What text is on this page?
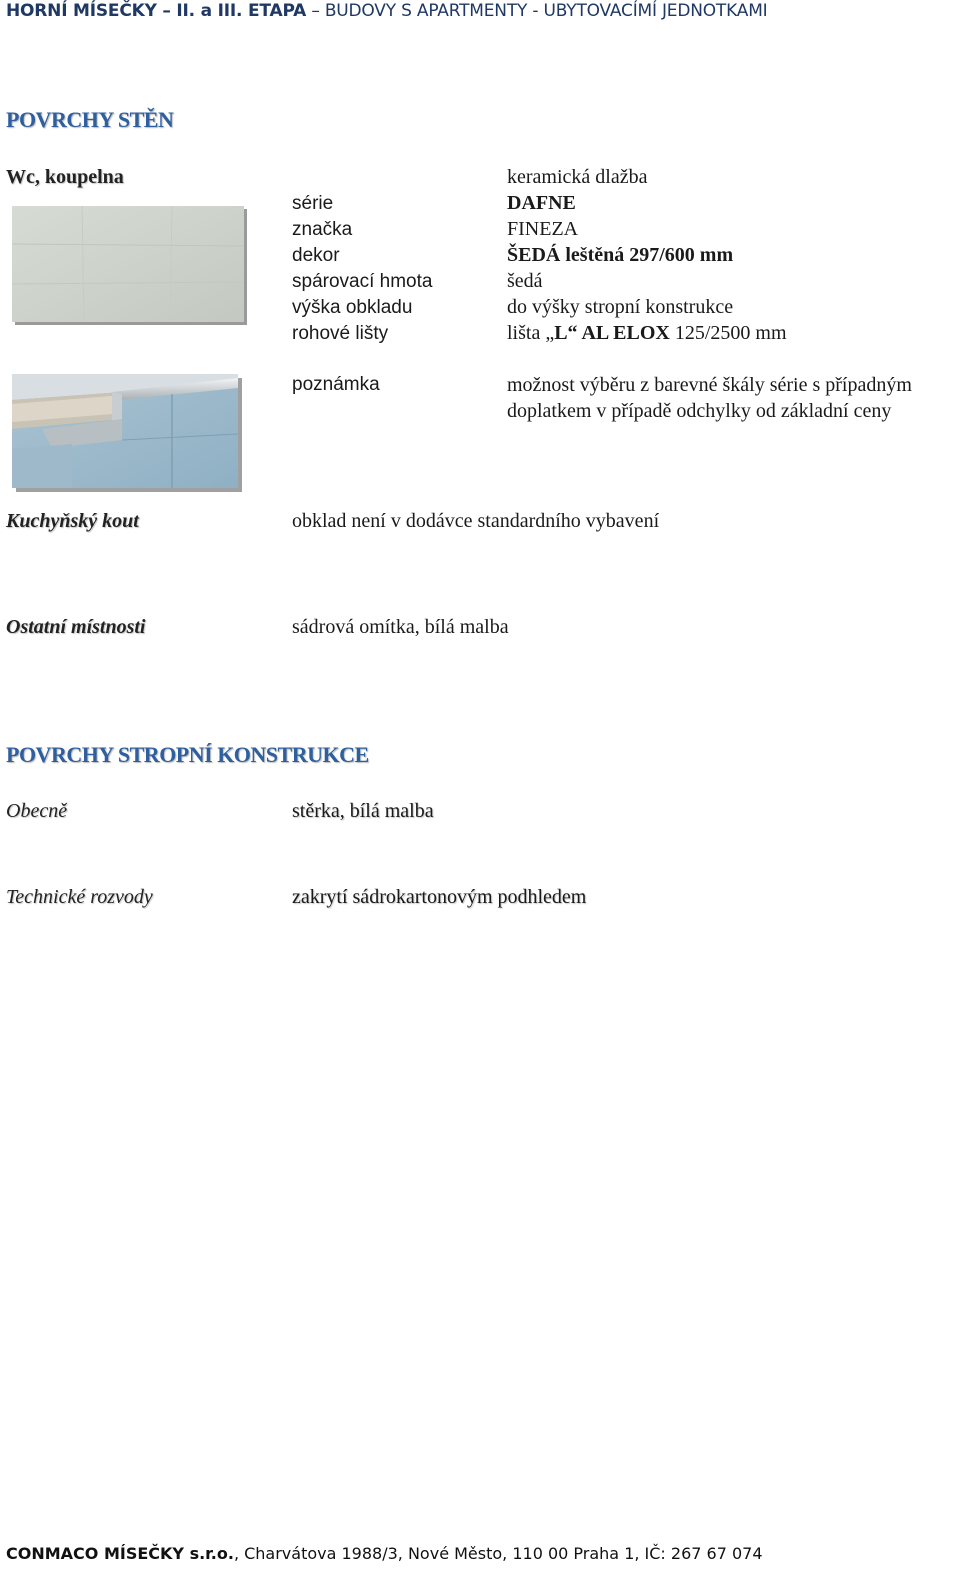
HORNÍ MÍSEČKY – II. a III. ETAPA – BUDOVY S APARTMENTY - UBYTOVACÍMÍ JEDNOTKAMI
POVRCHY STĚN
Wc, koupelna	keramická dlažba
série	DAFNE
značka	FINEZA
dekor	ŠEDÁ leštěná 297/600 mm
spárovací hmota	šedá
výška obkladu	do výšky stropní konstrukce
rohové lišty	lišta „L“ AL ELOX 125/2500 mm
poznámka	možnost výběru z barevné škály série s případným
doplatkem v případě odchylky od základní ceny
Kuchyňský kout	obklad není v dodávce standardního vybavení
Ostatní místnosti	sádrová omítka, bílá malba
POVRCHY STROPNÍ KONSTRUKCE
Obecně	stěrka, bílá malba
Technické rozvody	zakrytí sádrokartonovým podhledem
CONMACO MÍSEČKY s.r.o., Charvátova 1988/3, Nové Město, 110 00 Praha 1, IČ: 267 67 074
